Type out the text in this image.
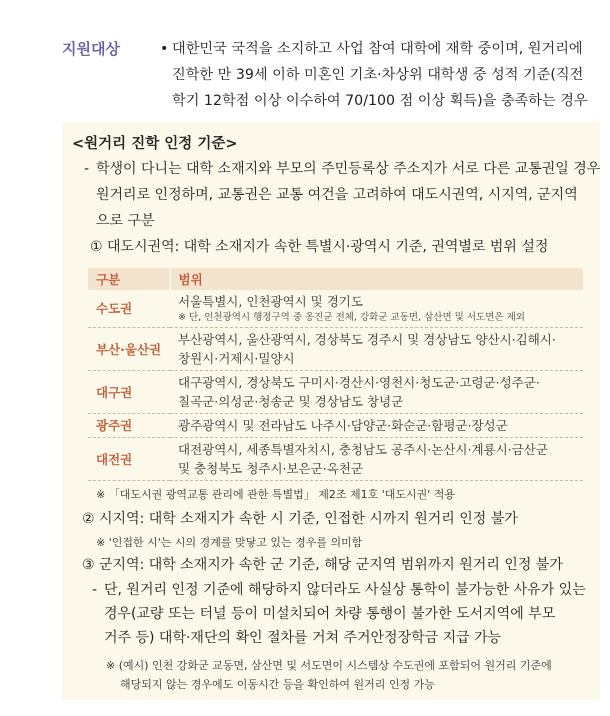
지원대상	• 대한민국 국적을 소지하고 사업 참여 대학에 재학 중이며, 원거리에
진학한 만 39세 이하 미혼인 기초·차상위 대학생 중 성적 기준(직전
학기 12학점 이상 이수하여 70/100 점 이상 획득)을 충족하는 경우
<원거리 진학 인정 기준>
- 학생이 다니는 대학 소재지와 부모의 주민등록상 주소지가 서로 다른 교통권일 경우
원거리로 인정하며, 교통권은 교통 여건을 고려하여 대도시권역, 시지역, 군지역
으로 구분
① 대도시권역: 대학 소재지가 속한 특별시·광역시 기준, 권역별로 범위 설정
구분	범위
수도권	서울특별시, 인천광역시 및 경기도
※ 단, 인천광역시 행정구역 중 옹진군 전체, 강화군 교동면, 삼산면 및 서도면은 제외

부산·울산권	부산광역시, 울산광역시, 경상북도 경주시 및 경상남도 양산시·김해시·
창원시·거제시·밀양시

대구권	대구광역시, 경상북도 구미시·경산시·영천시·청도군·고령군·성주군·
칠곡군·의성군·청송군 및 경상남도 창녕군

광주권	광주광역시 및 전라남도 나주시·담양군·화순군·함평군·장성군

대전권	대전광역시, 세종특별자치시, 충청남도 공주시·논산시·계룡시·금산군
및 충청북도 청주시·보은군·옥천군
※ 「대도시권 광역교통 관리에 관한 특별법」 제2조 제1호 '대도시권' 적용
② 시지역: 대학 소재지가 속한 시 기준, 인접한 시까지 원거리 인정 불가
※ '인접한 시'는 시의 경계를 맞닿고 있는 경우를 의미함
③ 군지역: 대학 소재지가 속한 군 기준, 해당 군지역 범위까지 원거리 인정 불가
- 단, 원거리 인정 기준에 해당하지 않더라도 사실상 통학이 불가능한 사유가 있는
경우(교량 또는 터널 등이 미설치되어 차량 통행이 불가한 도서지역에 부모
거주 등) 대학·재단의 확인 절차를 거쳐 주거안정장학금 지급 가능
※ (예시) 인천 강화군 교동면, 삼산면 및 서도면이 시스템상 수도권에 포함되어 원거리 기준에
해당되지 않는 경우에도 이동시간 등을 확인하여 원거리 인정 가능
